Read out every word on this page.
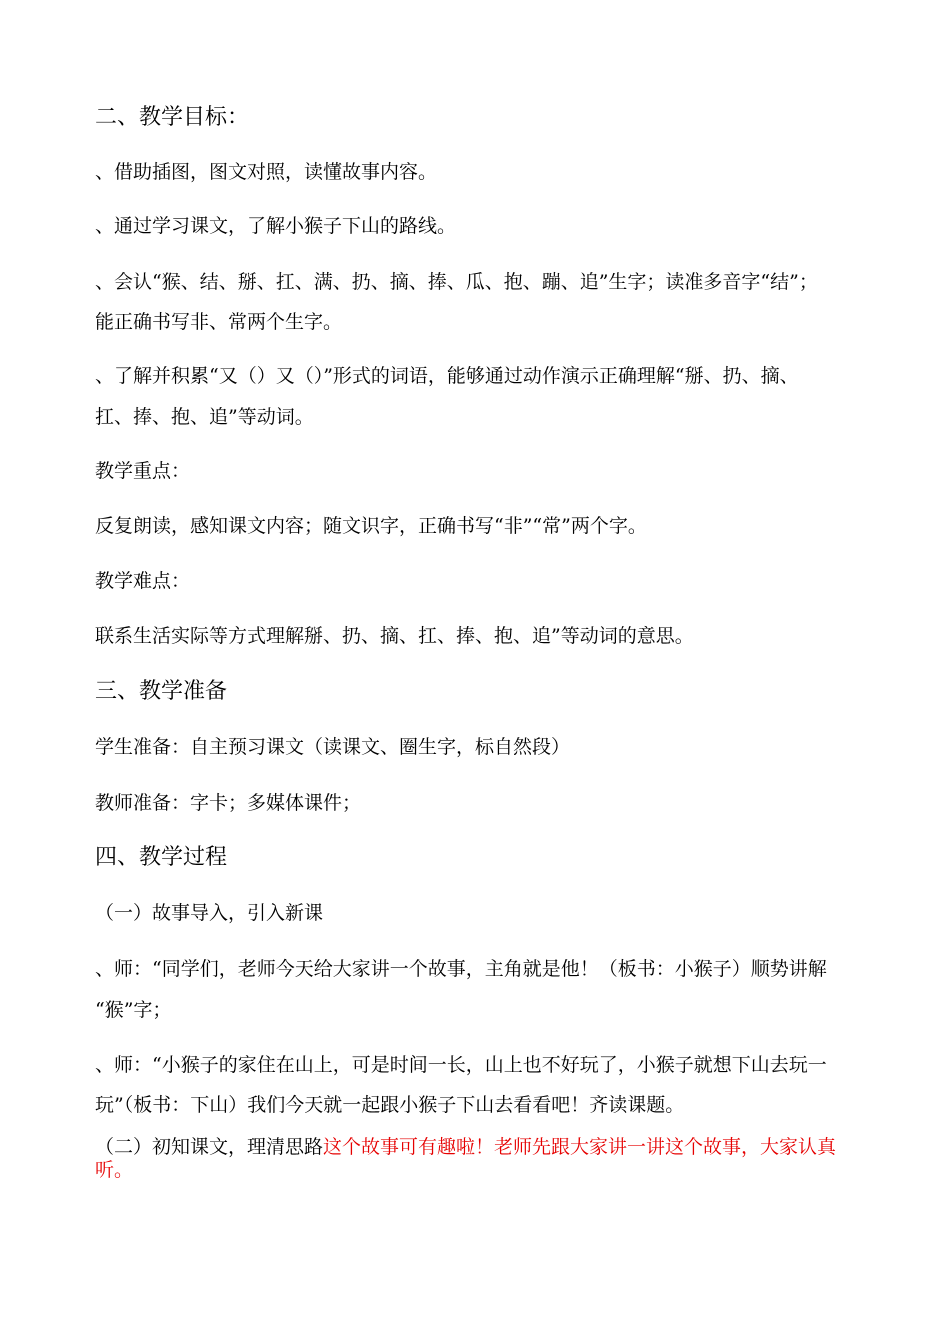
二、教学目标：
、借助插图，图文对照，读懂故事内容。
、通过学习课文，了解小猴子下山的路线。
、会认“猴、结、掰、扛、满、扔、摘、捧、瓜、抱、蹦、追”生字；读准多音字“结”；
能正确书写非、常两个生字。
、了解并积累“又（）又（）”形式的词语，能够通过动作演示正确理解“掰、扔、摘、
扛、捧、抱、追”等动词。
教学重点：
反复朗读，感知课文内容；随文识字，正确书写“非”“常”两个字。
教学难点：
联系生活实际等方式理解掰、扔、摘、扛、捧、抱、追”等动词的意思。
三、教学准备
学生准备：自主预习课文（读课文、圈生字，标自然段）
教师准备：字卡；多媒体课件；
四、教学过程
（一）故事导入，引入新课
、师：“同学们，老师今天给大家讲一个故事，主角就是他！（板书：小猴子）顺势讲解
“猴”字；
、师：“小猴子的家住在山上，可是时间一长，山上也不好玩了，小猴子就想下山去玩一
玩”（板书：下山）我们今天就一起跟小猴子下山去看看吧！齐读课题。
（二）初知课文，理清思路这个故事可有趣啦！老师先跟大家讲一讲这个故事，大家认真
听。
